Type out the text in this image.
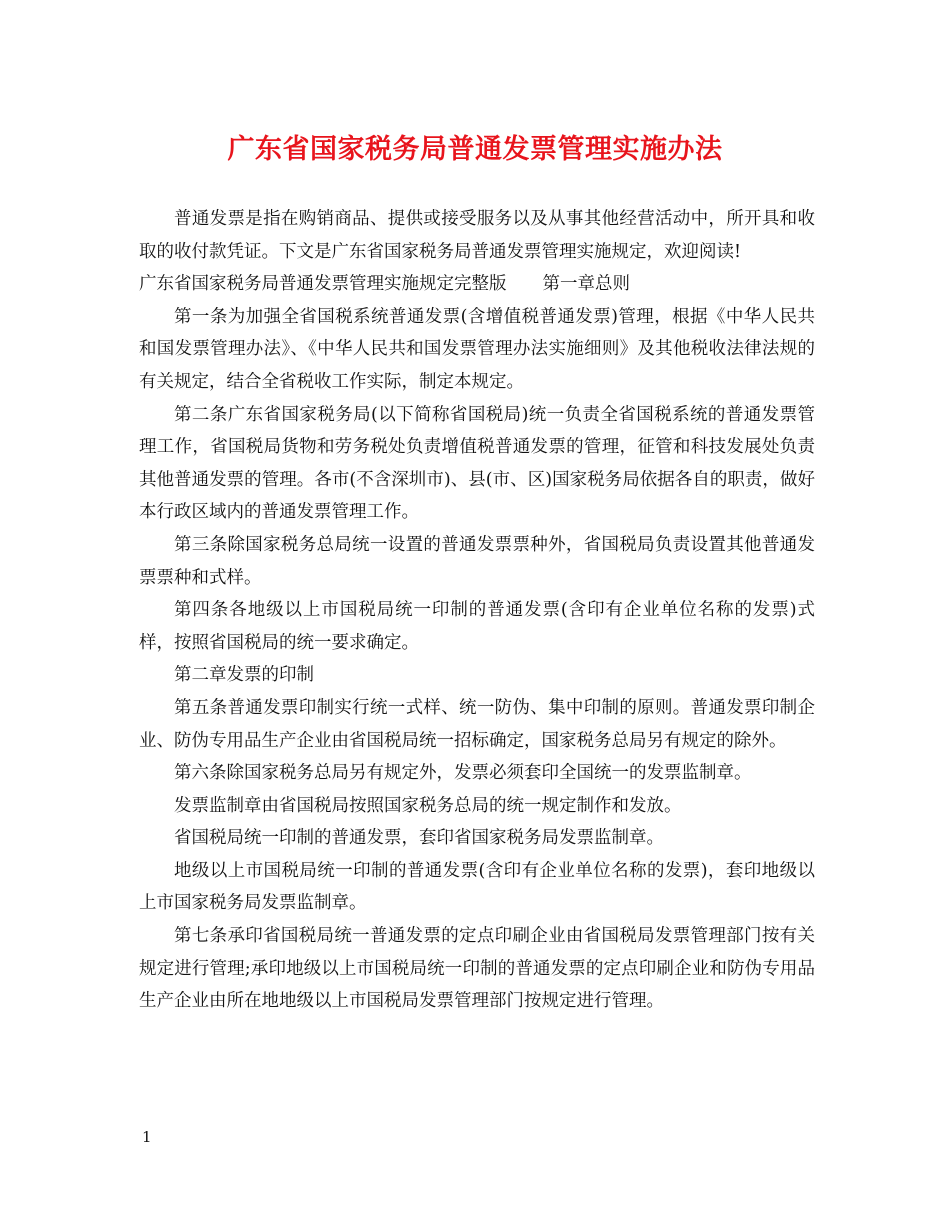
广东省国家税务局普通发票管理实施办法

普通发票是指在购销商品、提供或接受服务以及从事其他经营活动中，所开具和收取的收付款凭证。下文是广东省国家税务局普通发票管理实施规定，欢迎阅读!

广东省国家税务局普通发票管理实施规定完整版 第一章总则

第一条为加强全省国税系统普通发票(含增值税普通发票)管理，根据《中华人民共和国发票管理办法》、《中华人民共和国发票管理办法实施细则》及其他税收法律法规的有关规定，结合全省税收工作实际，制定本规定。

第二条广东省国家税务局(以下简称省国税局)统一负责全省国税系统的普通发票管理工作，省国税局货物和劳务税处负责增值税普通发票的管理，征管和科技发展处负责其他普通发票的管理。各市(不含深圳市)、县(市、区)国家税务局依据各自的职责，做好本行政区域内的普通发票管理工作。

第三条除国家税务总局统一设置的普通发票票种外，省国税局负责设置其他普通发票票种和式样。

第四条各地级以上市国税局统一印制的普通发票(含印有企业单位名称的发票)式样，按照省国税局的统一要求确定。

第二章发票的印制

第五条普通发票印制实行统一式样、统一防伪、集中印制的原则。普通发票印制企业、防伪专用品生产企业由省国税局统一招标确定，国家税务总局另有规定的除外。

第六条除国家税务总局另有规定外，发票必须套印全国统一的发票监制章。

发票监制章由省国税局按照国家税务总局的统一规定制作和发放。

省国税局统一印制的普通发票，套印省国家税务局发票监制章。

地级以上市国税局统一印制的普通发票(含印有企业单位名称的发票)，套印地级以上市国家税务局发票监制章。

第七条承印省国税局统一普通发票的定点印刷企业由省国税局发票管理部门按有关规定进行管理;承印地级以上市国税局统一印制的普通发票的定点印刷企业和防伪专用品生产企业由所在地地级以上市国税局发票管理部门按规定进行管理。

1
